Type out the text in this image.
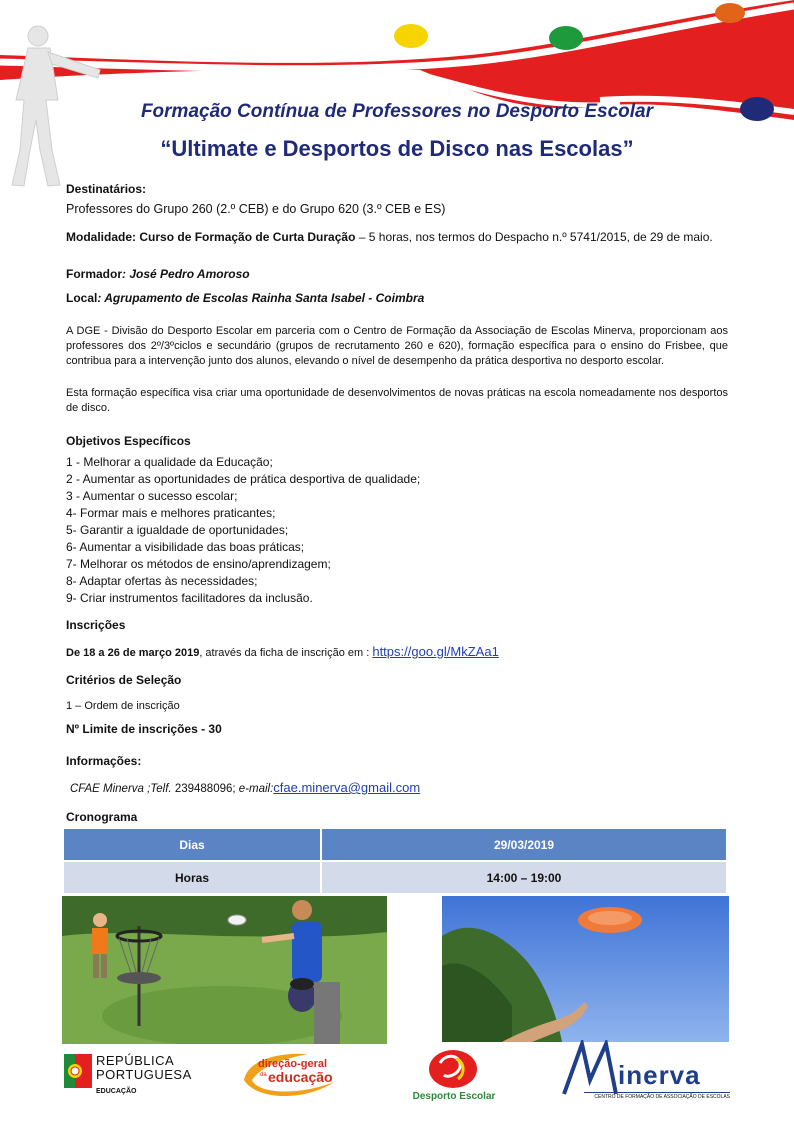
Formação Contínua de Professores no Desporto Escolar
“Ultimate e Desportos de Disco nas Escolas”
Destinatários:
Professores do Grupo 260 (2.º CEB) e do Grupo 620 (3.º CEB e ES)
Modalidade: Curso de Formação de Curta Duração – 5 horas, nos termos do Despacho n.º 5741/2015, de 29 de maio.
Formador: José Pedro Amoroso
Local: Agrupamento de Escolas Rainha Santa Isabel - Coimbra
A DGE - Divisão do Desporto Escolar em parceria com o Centro de Formação da Associação de Escolas Minerva, proporcionam aos professores dos 2º/3ºciclos e secundário (grupos de recrutamento 260 e 620), formação específica para o ensino do Frisbee, que contribua para a intervenção junto dos alunos, elevando o nível de desempenho da prática desportiva no desporto escolar.
Esta formação específica visa criar uma oportunidade de desenvolvimentos de novas práticas na escola nomeadamente nos desportos de disco.
Objetivos Específicos
1 - Melhorar a qualidade da Educação;
2 - Aumentar as oportunidades de prática desportiva de qualidade;
3 - Aumentar o sucesso escolar;
4- Formar mais e melhores praticantes;
5- Garantir a igualdade de oportunidades;
6- Aumentar a visibilidade das boas práticas;
7- Melhorar os métodos de ensino/aprendizagem;
8- Adaptar ofertas às necessidades;
9- Criar instrumentos facilitadores da inclusão.
Inscrições
De 18 a 26 de março 2019, através da ficha de inscrição em : https://goo.gl/MkZAa1
Critérios de Seleção
1 – Ordem de inscrição
Nº Limite de inscrições - 30
Informações:
CFAE Minerva ;Telf. 239488096; e-mail:cfae.minerva@gmail.com
Cronograma
Dias	29/03/2019
Horas	14:00 – 19:00
REPÚBLICA
PORTUGUESA
EDUCAÇÃO
direção-geral
da educação
Desporto Escolar
inerva
CENTRO DE FORMAÇÃO DE ASSOCIAÇÃO DE ESCOLAS
